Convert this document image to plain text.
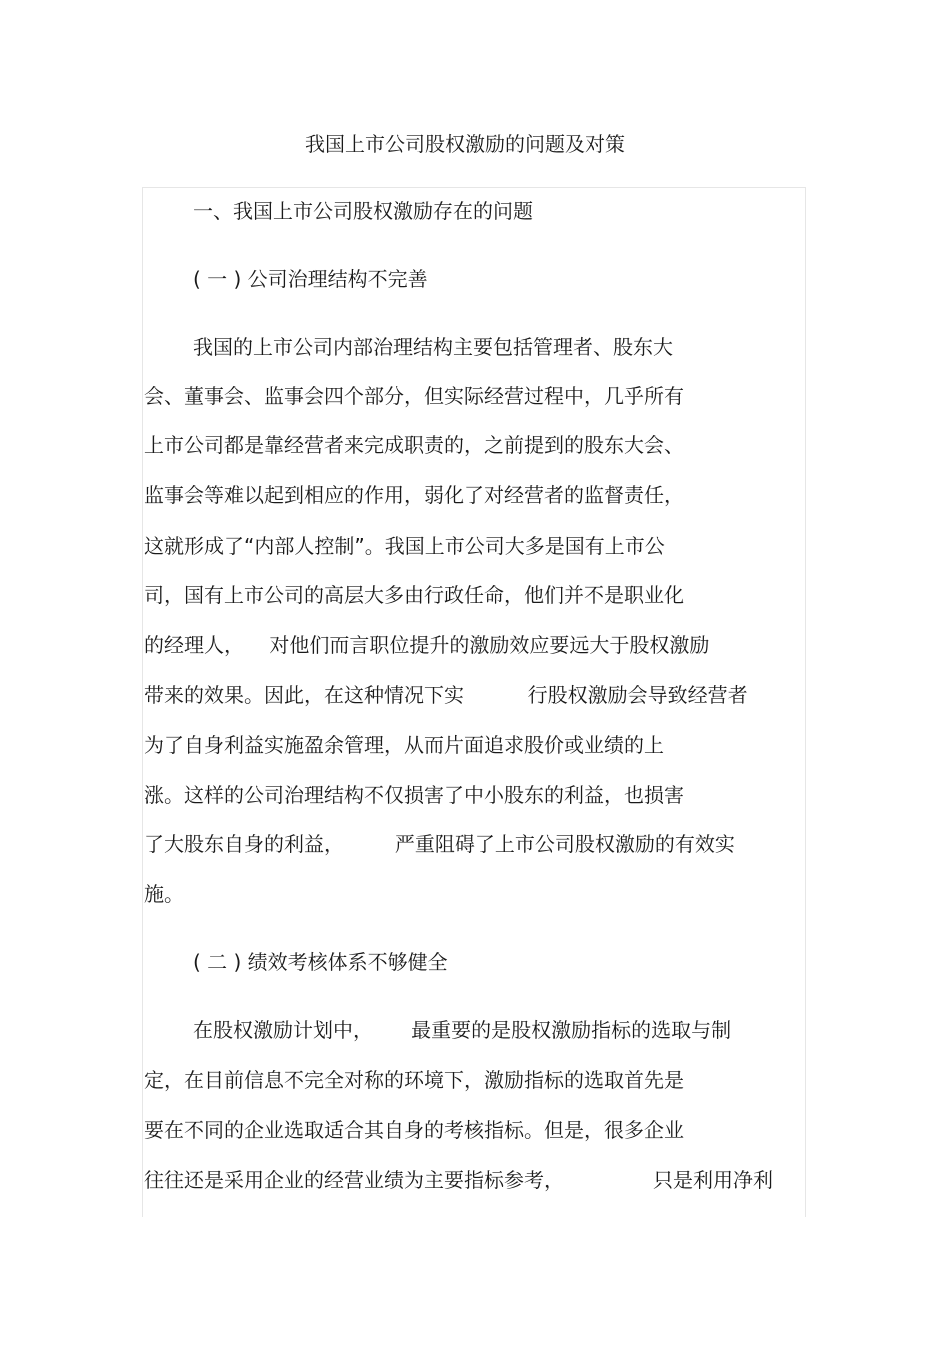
我国上市公司股权激励的问题及对策
一、我国上市公司股权激励存在的问题
( 一 ) 公司治理结构不完善
我国的上市公司内部治理结构主要包括管理者、股东大
会、董事会、监事会四个部分，但实际经营过程中，几乎所有
上市公司都是靠经营者来完成职责的，之前提到的股东大会、
监事会等难以起到相应的作用，弱化了对经营者的监督责任，
这就形成了“内部人控制”。我国上市公司大多是国有上市公
司，国有上市公司的高层大多由行政任命，他们并不是职业化
的经理人，    对他们而言职位提升的激励效应要远大于股权激励
带来的效果。因此，在这种情况下实          行股权激励会导致经营者
为了自身利益实施盈余管理，从而片面追求股价或业绩的上
涨。这样的公司治理结构不仅损害了中小股东的利益，也损害
了大股东自身的利益，        严重阻碍了上市公司股权激励的有效实
施。
( 二 ) 绩效考核体系不够健全
在股权激励计划中，      最重要的是股权激励指标的选取与制
定，在目前信息不完全对称的环境下，激励指标的选取首先是
要在不同的企业选取适合其自身的考核指标。但是，很多企业
往往还是采用企业的经营业绩为主要指标参考，              只是利用净利
